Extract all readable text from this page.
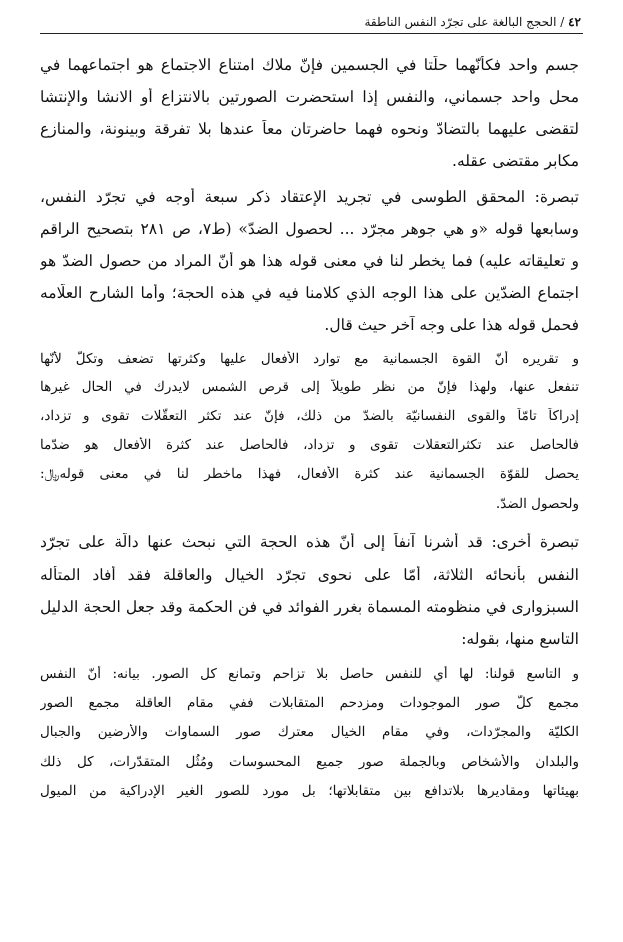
٤٢ / الحجج البالغة على تجرّد النفس الناطقة
جسم واحد فكأنّهما حلّتا في الجسمين فإنّ ملاك امتناع الاجتماع هو اجتماعهما في
محل واحد جسماني، والنفس إذا استحضرت الصورتين بالانتزاع أو الانشا والإنتشا
لتقضى عليهما بالتضادّ ونحوه فهما حاضرتان معاً عندها بلا تفرقة وبينونة، والمنازع
مكابر مقتضى عقله.
تبصرة: المحقق الطوسى في تجريد الإعتقاد ذكر سبعة أوجه في تجرّد النفس،
وسابعها قوله «و هي جوهر مجرّد ... لحصول الضدّ» (ط٧، ص ٢٨١ بتصحيح الراقم
و تعليقاته عليه) فما يخطر لنا في معنى قوله هذا هو أنّ المراد من حصول الضدّ هو
اجتماع الضدّين على هذا الوجه الذي كلامنا فيه في هذه الحجة؛ وأما الشارح العلّامه
فحمل قوله هذا على وجه آخر حيث قال.
و تقريره أنّ القوة الجسمانية مع توارد الأفعال عليها وكثرتها تضعف وتكلّ لأنّها
تنفعل عنها، ولهذا فإنّ من نظر طويلاً إلى قرص الشمس لايدرك في الحال غيرها
إدراكاً تامّاً والقوى النفسانيّة بالضدّ من ذلك، فإنّ عند تكثر التعقّلات تقوى و تزداد،
فالحاصل عند تكثرالتعقلات تقوى و تزداد، فالحاصل عند كثرة الأفعال هو ضدّما
يحصل للقوّة الجسمانية عند كثرة الأفعال، فهذا ماخطر لنا في معنى قوله﷼:
ولحصول الضدّ.
تبصرة أُخرى: قد أشرنا آنفاً إلى أنّ هذه الحجة التي نبحث عنها دالّة على تجرّد
النفس بأنحائه الثلاثة، أمّا على نحوى تجرّد الخيال والعاقلة فقد أفاد المتأله
السبزوارى في منظومته المسماة بغرر الفوائد في فن الحكمة وقد جعل الحجة الدليل
التاسع منها، بقوله:
و التاسع قولنا: لها أي للنفس حاصل بلا تزاحم وتمانع كل الصور. بيانه: أنّ النفس
مجمع كلّ صور الموجودات ومزدحم المتقابلات ففي مقام العاقلة مجمع الصور
الكليّة والمجرّدات، وفي مقام الخيال معترك صور السماوات والأرضين والجبال
والبلدان والأشخاص وبالجملة صور جميع المحسوسات ومُثُل المتقدّرات، كل ذلك
بهيئاتها ومقاديرها بلاتدافع بين متقابلاتها؛ بل مورد للصور الغير الإدراكية من الميول
